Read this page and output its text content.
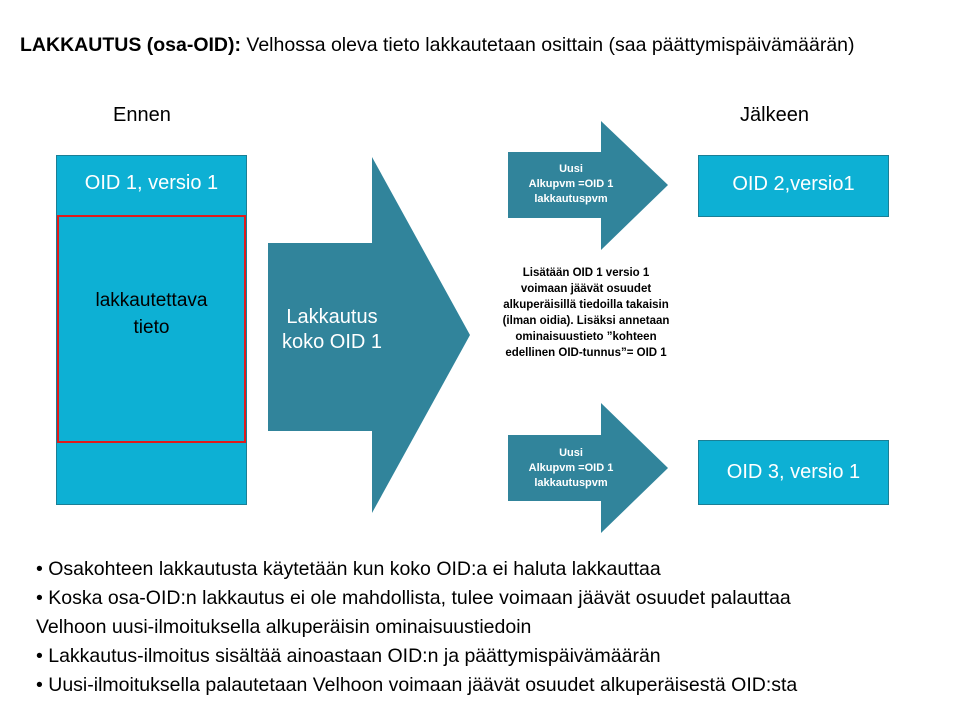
LAKKAUTUS (osa-OID): Velhossa oleva tieto lakkautetaan osittain (saa päättymispäivämäärän)
Ennen	Jälkeen
OID 1, versio 1
lakkautettava
tieto	Lakkautus
koko OID 1
Uusi
Alkupvm =OID 1
lakkautuspvm
Uusi
Alkupvm =OID 1
lakkautuspvm
Lisätään OID 1 versio 1
voimaan jäävät osuudet
alkuperäisillä tiedoilla takaisin
(ilman oidia). Lisäksi annetaan
ominaisuustieto ”kohteen
edellinen OID-tunnus”= OID 1
OID 2,versio1
OID 3, versio 1
• Osakohteen lakkautusta käytetään kun koko OID:a ei haluta lakkauttaa
• Koska osa-OID:n lakkautus ei ole mahdollista, tulee voimaan jäävät osuudet palauttaa
Velhoon uusi-ilmoituksella alkuperäisin ominaisuustiedoin
• Lakkautus-ilmoitus sisältää ainoastaan OID:n ja päättymispäivämäärän
• Uusi-ilmoituksella palautetaan Velhoon voimaan jäävät osuudet alkuperäisestä OID:sta
